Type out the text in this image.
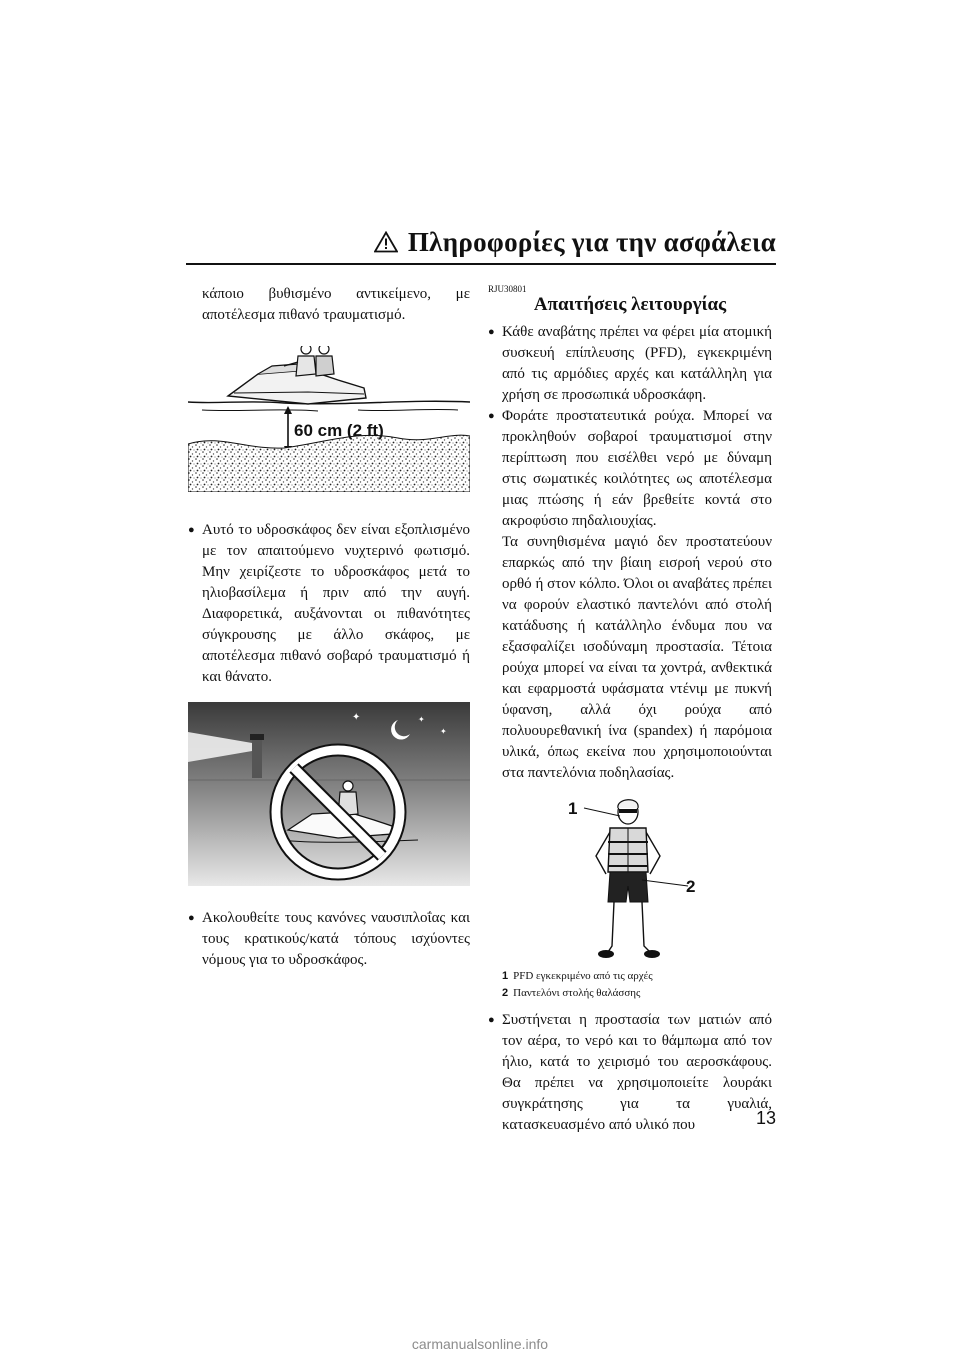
Πληροφορίες για την ασφάλεια

κάποιο βυθισμένο αντικείμενο, με αποτέλεσμα πιθανό τραυματισμό.

60 cm (2 ft)

● Αυτό το υδροσκάφος δεν είναι εξοπλισμένο με τον απαιτούμενο νυχτερινό φωτισμό. Μην χειρίζεστε το υδροσκάφος μετά το ηλιοβασίλεμα ή πριν από την αυγή. Διαφορετικά, αυξάνονται οι πιθανότητες σύγκρουσης με άλλο σκάφος, με αποτέλεσμα πιθανό σοβαρό τραυματισμό ή και θάνατο.

✦	✦
✦

● Ακολουθείτε τους κανόνες ναυσιπλοΐας και τους κρατικούς/κατά τόπους ισχύοντες νόμους για το υδροσκάφος.

RJU30801

Απαιτήσεις λειτουργίας

● Κάθε αναβάτης πρέπει να φέρει μία ατομική συσκευή επίπλευσης (PFD), εγκεκριμένη από τις αρμόδιες αρχές και κατάλληλη για χρήση σε προσωπικά υδροσκάφη.

● Φοράτε προστατευτικά ρούχα. Μπορεί να προκληθούν σοβαροί τραυματισμοί στην περίπτωση που εισέλθει νερό με δύναμη στις σωματικές κοιλότητες ως αποτέλεσμα μιας πτώσης ή εάν βρεθείτε κοντά στο ακροφύσιο πηδαλιουχίας.

Τα συνηθισμένα μαγιό δεν προστατεύουν επαρκώς από την βίαιη εισροή νερού στο ορθό ή στον κόλπο. Όλοι οι αναβάτες πρέπει να φορούν ελαστικό παντελόνι από στολή κατάδυσης ή κατάλληλο ένδυμα που να εξασφαλίζει ισοδύναμη προστασία. Τέτοια ρούχα μπορεί να είναι τα χοντρά, ανθεκτικά και εφαρμοστά υφάσματα ντένιμ με πυκνή ύφανση, αλλά όχι ρούχα από πολυουρεθανική ίνα (spandex) ή παρόμοια υλικά, όπως εκείνα που χρησιμοποιούνται στα παντελόνια ποδηλασίας.

1
2

1 PFD εγκεκριμένο από τις αρχές

2 Παντελόνι στολής θαλάσσης

● Συστήνεται η προστασία των ματιών από τον αέρα, το νερό και το θάμπωμα από τον ήλιο, κατά το χειρισμό του αεροσκάφους. Θα πρέπει να χρησιμοποιείτε λουράκι συγκράτησης για τα γυαλιά, κατασκευασμένο από υλικό που	13
carmanualsonline.info
